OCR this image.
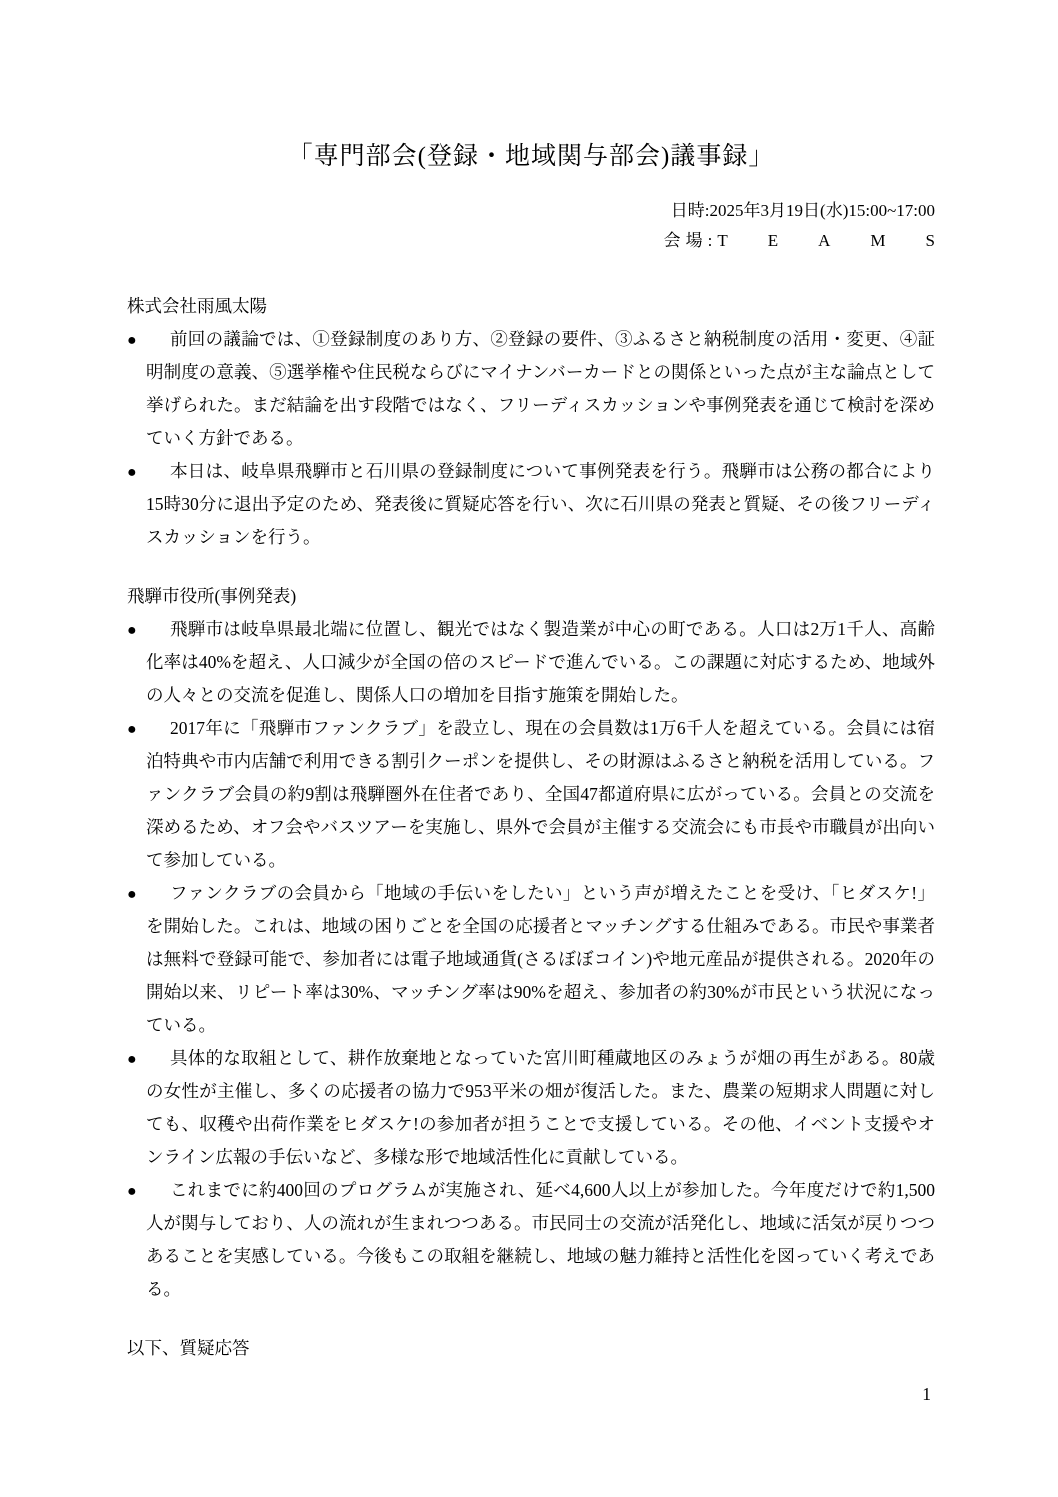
「専門部会(登録・地域関与部会)議事録」
日時:2025年3月19日(水)15:00~17:00
会場:TEAMS

株式会社雨風太陽

● 前回の議論では、①登録制度のあり方、②登録の要件、③ふるさと納税制度の活用・変更、④証明制度の意義、⑤選挙権や住民税ならびにマイナンバーカードとの関係といった点が主な論点として挙げられた。まだ結論を出す段階ではなく、フリーディスカッションや事例発表を通じて検討を深めていく方針である。

● 本日は、岐阜県飛騨市と石川県の登録制度について事例発表を行う。飛騨市は公務の都合により15時30分に退出予定のため、発表後に質疑応答を行い、次に石川県の発表と質疑、その後フリーディスカッションを行う。

飛騨市役所(事例発表)

● 飛騨市は岐阜県最北端に位置し、観光ではなく製造業が中心の町である。人口は2万1千人、高齢化率は40%を超え、人口減少が全国の倍のスピードで進んでいる。この課題に対応するため、地域外の人々との交流を促進し、関係人口の増加を目指す施策を開始した。

● 2017年に「飛騨市ファンクラブ」を設立し、現在の会員数は1万6千人を超えている。会員には宿泊特典や市内店舗で利用できる割引クーポンを提供し、その財源はふるさと納税を活用している。ファンクラブ会員の約9割は飛騨圏外在住者であり、全国47都道府県に広がっている。会員との交流を深めるため、オフ会やバスツアーを実施し、県外で会員が主催する交流会にも市長や市職員が出向いて参加している。

● ファンクラブの会員から「地域の手伝いをしたい」という声が増えたことを受け、「ヒダスケ!」を開始した。これは、地域の困りごとを全国の応援者とマッチングする仕組みである。市民や事業者は無料で登録可能で、参加者には電子地域通貨(さるぼぼコイン)や地元産品が提供される。2020年の開始以来、リピート率は30%、マッチング率は90%を超え、参加者の約30%が市民という状況になっている。

● 具体的な取組として、耕作放棄地となっていた宮川町種蔵地区のみょうが畑の再生がある。80歳の女性が主催し、多くの応援者の協力で953平米の畑が復活した。また、農業の短期求人問題に対しても、収穫や出荷作業をヒダスケ!の参加者が担うことで支援している。その他、イベント支援やオンライン広報の手伝いなど、多様な形で地域活性化に貢献している。

● これまでに約400回のプログラムが実施され、延べ4,600人以上が参加した。今年度だけで約1,500人が関与しており、人の流れが生まれつつある。市民同士の交流が活発化し、地域に活気が戻りつつあることを実感している。今後もこの取組を継続し、地域の魅力維持と活性化を図っていく考えである。

以下、質疑応答

1
